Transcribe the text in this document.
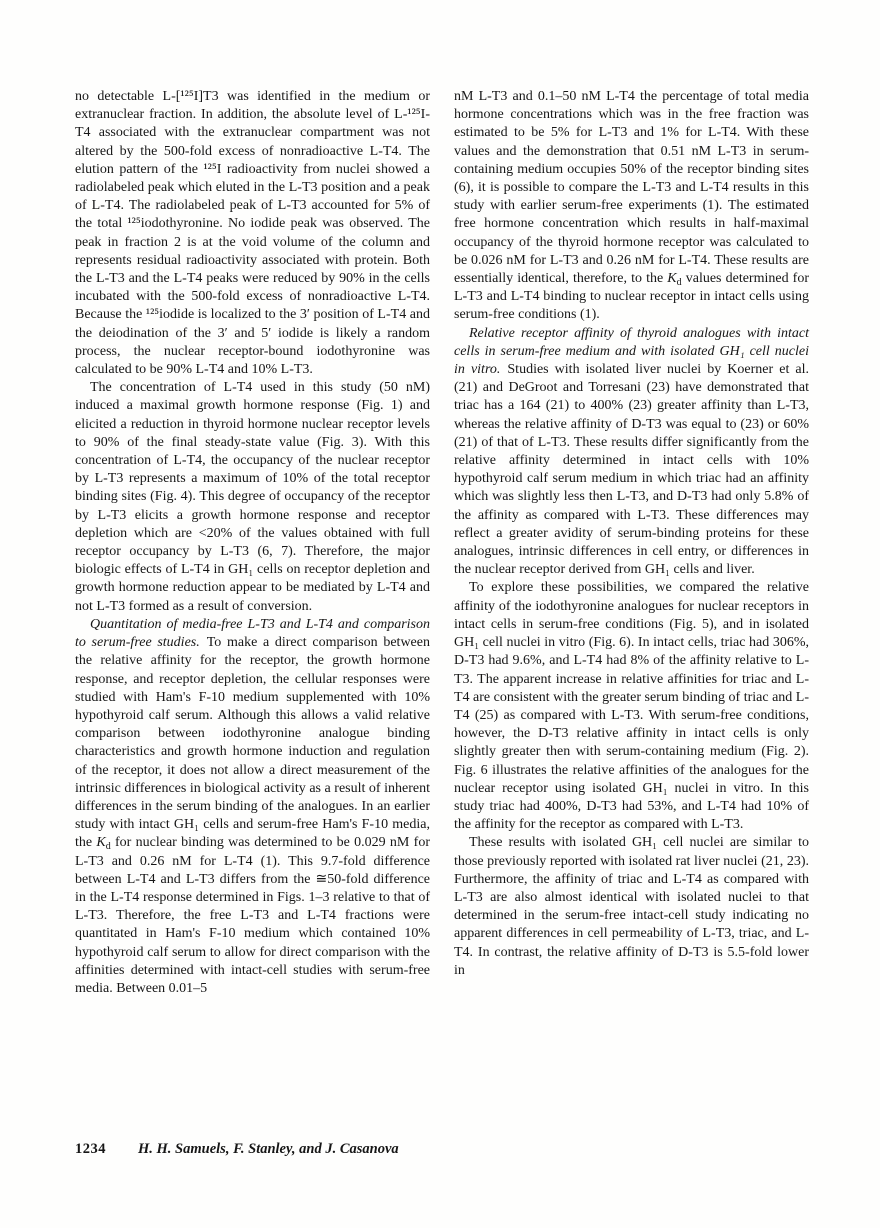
no detectable L-[¹²⁵I]T3 was identified in the medium or extranuclear fraction. In addition, the absolute level of L-¹²⁵I-T4 associated with the extranuclear compartment was not altered by the 500-fold excess of nonradioactive L-T4. The elution pattern of the ¹²⁵I radioactivity from nuclei showed a radiolabeled peak which eluted in the L-T3 position and a peak of L-T4. The radiolabeled peak of L-T3 accounted for 5% of the total ¹²⁵iodothyronine. No iodide peak was observed. The peak in fraction 2 is at the void volume of the column and represents residual radioactivity associated with protein. Both the L-T3 and the L-T4 peaks were reduced by 90% in the cells incubated with the 500-fold excess of nonradioactive L-T4. Because the ¹²⁵iodide is localized to the 3′ position of L-T4 and the deiodination of the 3′ and 5′ iodide is likely a random process, the nuclear receptor-bound iodothyronine was calculated to be 90% L-T4 and 10% L-T3.

The concentration of L-T4 used in this study (50 nM) induced a maximal growth hormone response (Fig. 1) and elicited a reduction in thyroid hormone nuclear receptor levels to 90% of the final steady-state value (Fig. 3). With this concentration of L-T4, the occupancy of the nuclear receptor by L-T3 represents a maximum of 10% of the total receptor binding sites (Fig. 4). This degree of occupancy of the receptor by L-T3 elicits a growth hormone response and receptor depletion which are <20% of the values obtained with full receptor occupancy by L-T3 (6, 7). Therefore, the major biologic effects of L-T4 in GH₁ cells on receptor depletion and growth hormone reduction appear to be mediated by L-T4 and not L-T3 formed as a result of conversion.

Quantitation of media-free L-T3 and L-T4 and comparison to serum-free studies. To make a direct comparison between the relative affinity for the receptor, the growth hormone response, and receptor depletion, the cellular responses were studied with Ham's F-10 medium supplemented with 10% hypothyroid calf serum. Although this allows a valid relative comparison between iodothyronine analogue binding characteristics and growth hormone induction and regulation of the receptor, it does not allow a direct measurement of the intrinsic differences in biological activity as a result of inherent differences in the serum binding of the analogues. In an earlier study with intact GH₁ cells and serum-free Ham's F-10 media, the $K_d$ for nuclear binding was determined to be 0.029 nM for L-T3 and 0.26 nM for L-T4 (1). This 9.7-fold difference between L-T4 and L-T3 differs from the ≅50-fold difference in the L-T4 response determined in Figs. 1–3 relative to that of L-T3. Therefore, the free L-T3 and L-T4 fractions were quantitated in Ham's F-10 medium which contained 10% hypothyroid calf serum to allow for direct comparison with the affinities determined with intact-cell studies with serum-free media. Between 0.01–5

nM L-T3 and 0.1–50 nM L-T4 the percentage of total media hormone concentrations which was in the free fraction was estimated to be 5% for L-T3 and 1% for L-T4. With these values and the demonstration that 0.51 nM L-T3 in serum-containing medium occupies 50% of the receptor binding sites (6), it is possible to compare the L-T3 and L-T4 results in this study with earlier serum-free experiments (1). The estimated free hormone concentration which results in half-maximal occupancy of the thyroid hormone receptor was calculated to be 0.026 nM for L-T3 and 0.26 nM for L-T4. These results are essentially identical, therefore, to the $K_d$ values determined for L-T3 and L-T4 binding to nuclear receptor in intact cells using serum-free conditions (1).

Relative receptor affinity of thyroid analogues with intact cells in serum-free medium and with isolated GH₁ cell nuclei in vitro. Studies with isolated liver nuclei by Koerner et al. (21) and DeGroot and Torresani (23) have demonstrated that triac has a 164 (21) to 400% (23) greater affinity than L-T3, whereas the relative affinity of D-T3 was equal to (23) or 60% (21) of that of L-T3. These results differ significantly from the relative affinity determined in intact cells with 10% hypothyroid calf serum medium in which triac had an affinity which was slightly less then L-T3, and D-T3 had only 5.8% of the affinity as compared with L-T3. These differences may reflect a greater avidity of serum-binding proteins for these analogues, intrinsic differences in cell entry, or differences in the nuclear receptor derived from GH₁ cells and liver.

To explore these possibilities, we compared the relative affinity of the iodothyronine analogues for nuclear receptors in intact cells in serum-free conditions (Fig. 5), and in isolated GH₁ cell nuclei in vitro (Fig. 6). In intact cells, triac had 306%, D-T3 had 9.6%, and L-T4 had 8% of the affinity relative to L-T3. The apparent increase in relative affinities for triac and L-T4 are consistent with the greater serum binding of triac and L-T4 (25) as compared with L-T3. With serum-free conditions, however, the D-T3 relative affinity in intact cells is only slightly greater then with serum-containing medium (Fig. 2). Fig. 6 illustrates the relative affinities of the analogues for the nuclear receptor using isolated GH₁ nuclei in vitro. In this study triac had 400%, D-T3 had 53%, and L-T4 had 10% of the affinity for the receptor as compared with L-T3.

These results with isolated GH₁ cell nuclei are similar to those previously reported with isolated rat liver nuclei (21, 23). Furthermore, the affinity of triac and L-T4 as compared with L-T3 are also almost identical with isolated nuclei to that determined in the serum-free intact-cell study indicating no apparent differences in cell permeability of L-T3, triac, and L-T4. In contrast, the relative affinity of D-T3 is 5.5-fold lower in

1234 H. H. Samuels, F. Stanley, and J. Casanova
